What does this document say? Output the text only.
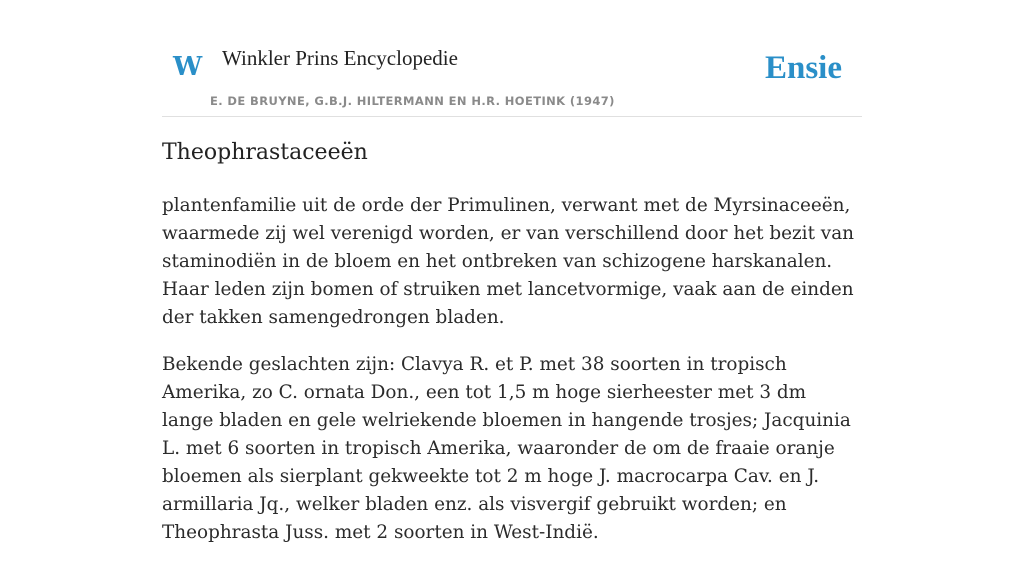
W Winkler Prins Encyclopedie
E. DE BRUYNE, G.B.J. HILTERMANN EN H.R. HOETINK (1947)
Ensie
Theophrastaceeën

plantenfamilie uit de orde der Primulinen, verwant met de Myrsinaceeën, waarmede zij wel verenigd worden, er van verschillend door het bezit van staminodiën in de bloem en het ontbreken van schizogene harskanalen. Haar leden zijn bomen of struiken met lancetvormige, vaak aan de einden der takken samengedrongen bladen.

Bekende geslachten zijn: Clavya R. et P. met 38 soorten in tropisch Amerika, zo C. ornata Don., een tot 1,5 m hoge sierheester met 3 dm lange bladen en gele welriekende bloemen in hangende trosjes; Jacquinia L. met 6 soorten in tropisch Amerika, waaronder de om de fraaie oranje bloemen als sierplant gekweekte tot 2 m hoge J. macrocarpa Cav. en J. armillaria Jq., welker bladen enz. als visvergif gebruikt worden; en Theophrasta Juss. met 2 soorten in West-Indië.
